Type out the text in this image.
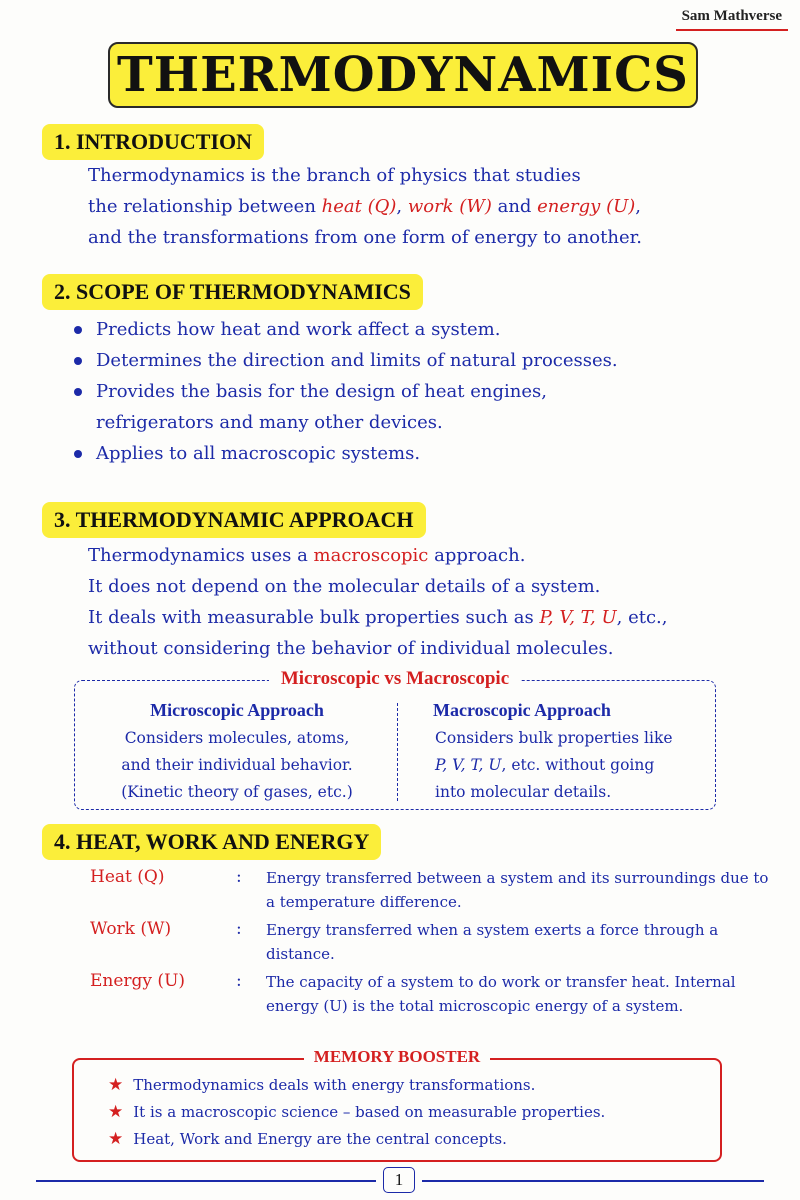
Sam Mathverse
THERMODYNAMICS
1. INTRODUCTION
Thermodynamics is the branch of physics that studies
the relationship between heat (Q), work (W) and energy (U),
and the transformations from one form of energy to another.
2. SCOPE OF THERMODYNAMICS
Predicts how heat and work affect a system.
Determines the direction and limits of natural processes.
Provides the basis for the design of heat engines,
refrigerators and many other devices.
Applies to all macroscopic systems.
3. THERMODYNAMIC APPROACH
Thermodynamics uses a macroscopic approach.
It does not depend on the molecular details of a system.
It deals with measurable bulk properties such as P, V, T, U, etc.,
without considering the behavior of individual molecules.
Microscopic vs Macroscopic
Microscopic Approach
Considers molecules, atoms,
and their individual behavior.
(Kinetic theory of gases, etc.)
Macroscopic Approach
Considers bulk properties like
P, V, T, U, etc. without going
into molecular details.
4. HEAT, WORK AND ENERGY
Heat (Q)	: Energy transferred between a system and its surroundings due to a temperature difference.
Work (W)	: Energy transferred when a system exerts a force through a distance.
Energy (U)	: The capacity of a system to do work or transfer heat. Internal energy (U) is the total microscopic energy of a system.
MEMORY BOOSTER
★ Thermodynamics deals with energy transformations.
★ It is a macroscopic science – based on measurable properties.
★ Heat, Work and Energy are the central concepts.
1
